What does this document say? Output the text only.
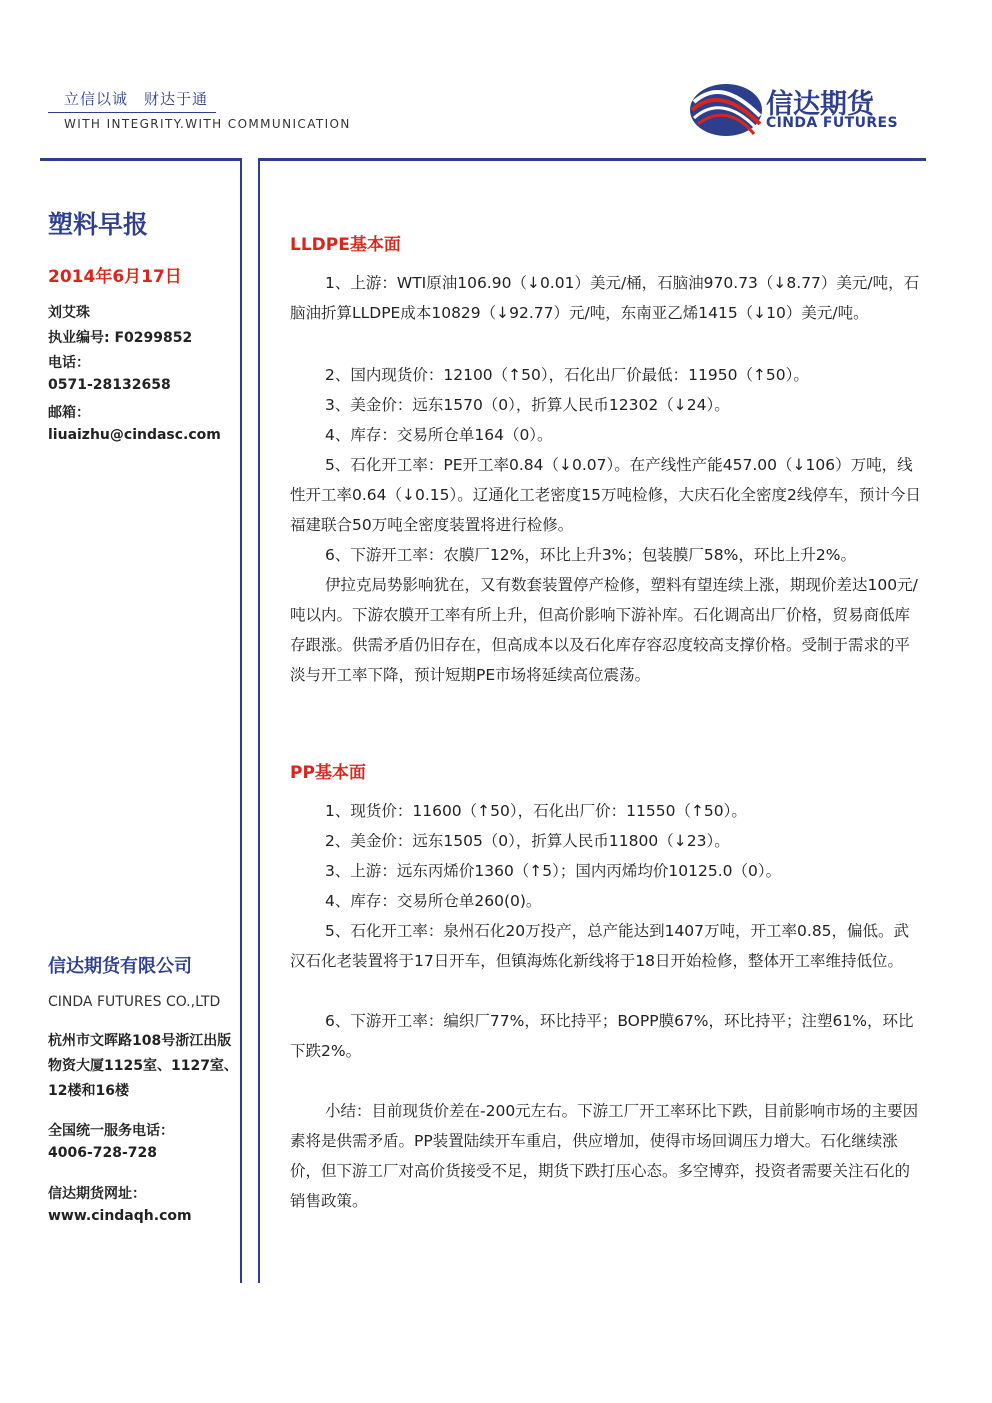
立信以诚　财达于通
WITH INTEGRITY.WITH COMMUNICATION
信达期货
CINDA FUTURES
塑料早报
2014年6月17日
刘艾珠
执业编号: F0299852
电话：
0571-28132658
邮箱：
liuaizhu@cindasc.com
信达期货有限公司
CINDA FUTURES CO.,LTD
杭州市文晖路108号浙江出版物资大厦1125室、1127室、12楼和16楼
全国统一服务电话：
4006-728-728
信达期货网址：
www.cindaqh.com
LLDPE基本面

1、上游：WTI原油106.90（↓0.01）美元/桶，石脑油970.73（↓8.77）美元/吨，石脑油折算LLDPE成本10829（↓92.77）元/吨，东南亚乙烯1415（↓10）美元/吨。

2、国内现货价：12100（↑50），石化出厂价最低：11950（↑50）。

3、美金价：远东1570（0），折算人民币12302（↓24）。

4、库存：交易所仓单164（0）。

5、石化开工率：PE开工率0.84（↓0.07）。在产线性产能457.00（↓106）万吨，线性开工率0.64（↓0.15）。辽通化工老密度15万吨检修，大庆石化全密度2线停车，预计今日福建联合50万吨全密度装置将进行检修。

6、下游开工率：农膜厂12%，环比上升3%；包装膜厂58%，环比上升2%。

伊拉克局势影响犹在，又有数套装置停产检修，塑料有望连续上涨，期现价差达100元/吨以内。下游农膜开工率有所上升，但高价影响下游补库。石化调高出厂价格，贸易商低库存跟涨。供需矛盾仍旧存在，但高成本以及石化库存容忍度较高支撑价格。受制于需求的平淡与开工率下降，预计短期PE市场将延续高位震荡。

PP基本面

1、现货价：11600（↑50），石化出厂价：11550（↑50）。

2、美金价：远东1505（0），折算人民币11800（↓23）。

3、上游：远东丙烯价1360（↑5）；国内丙烯均价10125.0（0）。

4、库存：交易所仓单260(0)。

5、石化开工率：泉州石化20万投产，总产能达到1407万吨，开工率0.85，偏低。武汉石化老装置将于17日开车，但镇海炼化新线将于18日开始检修，整体开工率维持低位。

6、下游开工率：编织厂77%，环比持平；BOPP膜67%，环比持平；注塑61%，环比下跌2%。

小结：目前现货价差在-200元左右。下游工厂开工率环比下跌，目前影响市场的主要因素将是供需矛盾。PP装置陆续开车重启，供应增加，使得市场回调压力增大。石化继续涨价，但下游工厂对高价货接受不足，期货下跌打压心态。多空博弈，投资者需要关注石化的销售政策。
